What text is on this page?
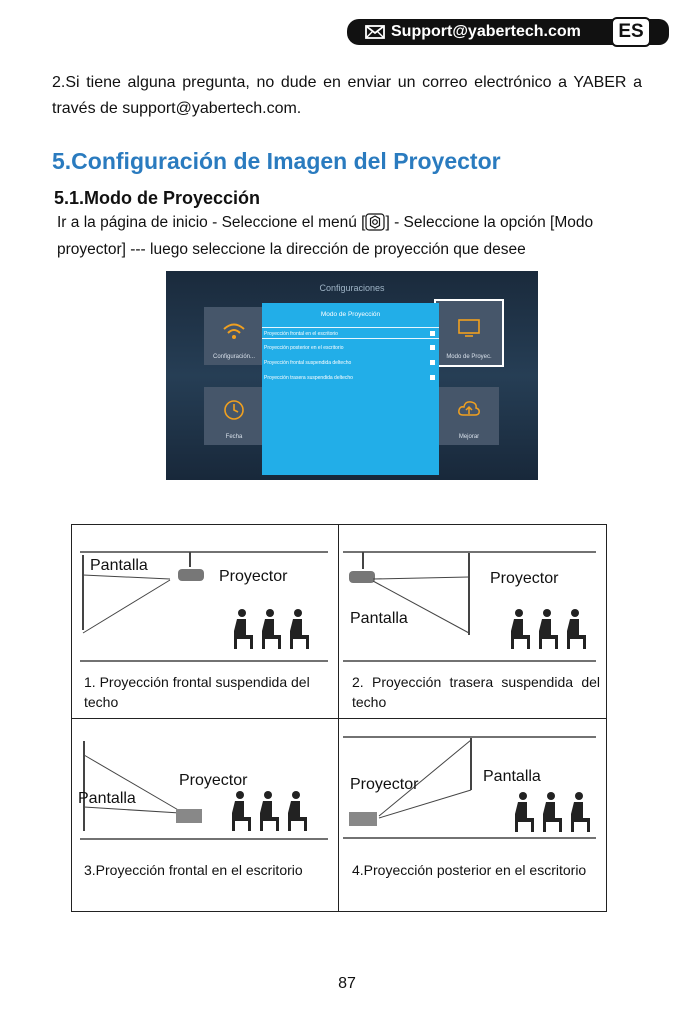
Support@yabertech.com	ES
2.Si tiene alguna pregunta, no dude en enviar un correo electrónico a YABER a través de support@yabertech.com.
5.Configuración de Imagen del Proyector
5.1.Modo de Proyección
Ir a la página de inicio - Seleccione el menú [ ] - Seleccione la opción [Modo proyector] --- luego seleccione la dirección de proyección que desee
Configuraciones
Configuración...	Modo de Proyec.
Fecha	Mejorar
Modo de Proyección
Proyección frontal en el escritorio
Proyección posterior en el escritorio
Proyección frontal suspendida deltecho
Proyección trasera suspendida deltecho
Pantalla
Proyector
1. Proyección frontal suspendida del techo
Pantalla
Proyector
2. Proyección trasera suspendida del techo
Proyector
Pantalla
3.Proyección frontal en el escritorio
Proyector	Pantalla
4.Proyección posterior en el escritorio
87
